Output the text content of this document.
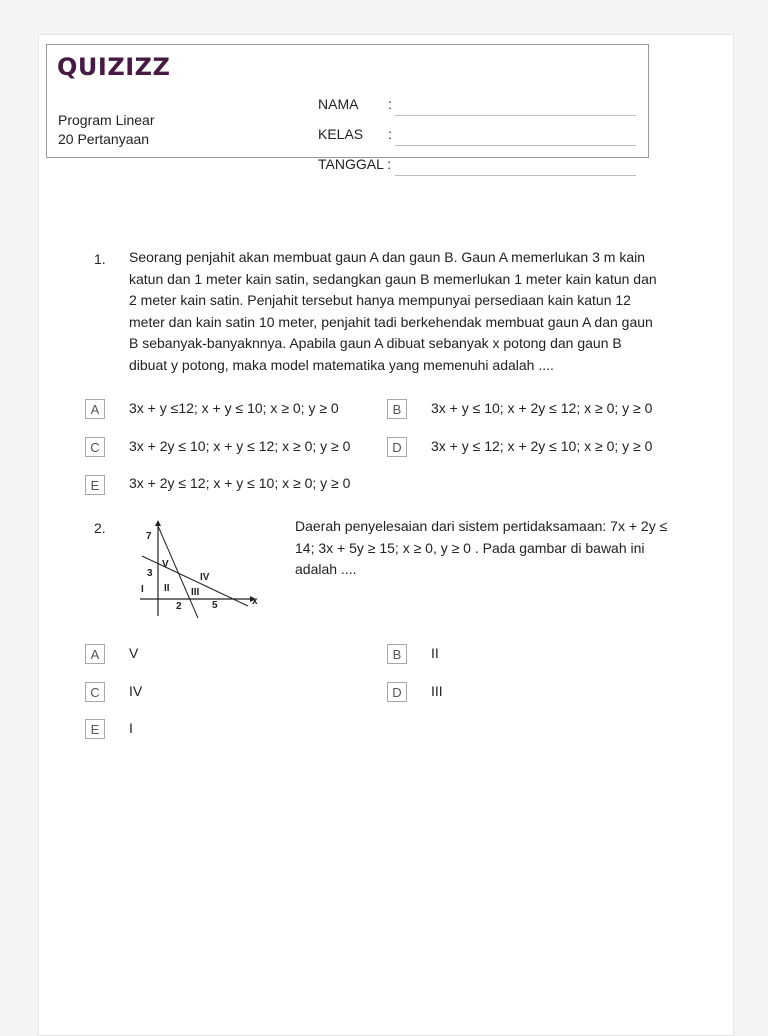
QUIZIZZ
Program Linear
20 Pertanyaan
NAMA :
KELAS :
TANGGAL :
1. Seorang penjahit akan membuat gaun A dan gaun B. Gaun A memerlukan 3 m kain
katun dan 1 meter kain satin, sedangkan gaun B memerlukan 1 meter kain katun dan
2 meter kain satin. Penjahit tersebut hanya mempunyai persediaan kain katun 12
meter dan kain satin 10 meter, penjahit tadi berkehendak membuat gaun A dan gaun
B sebanyak-banyaknnya. Apabila gaun A dibuat sebanyak x potong dan gaun B
dibuat y potong, maka model matematika yang memenuhi adalah ....
A	3x + y ≤12; x + y ≤ 10; x ≥ 0; y ≥ 0	B	3x + y ≤ 10; x + 2y ≤ 12; x ≥ 0; y ≥ 0
C	3x + 2y ≤ 10; x + y ≤ 12; x ≥ 0; y ≥ 0	D	3x + y ≤ 12; x + 2y ≤ 10; x ≥ 0; y ≥ 0
E	3x + 2y ≤ 12; x + y ≤ 10; x ≥ 0; y ≥ 0
2.
7
3
2	5	x
I II III
IV
V
Daerah penyelesaian dari sistem pertidaksamaan: 7x + 2y ≤
14; 3x + 5y ≥ 15; x ≥ 0, y ≥ 0 . Pada gambar di bawah ini
adalah ....
A	V	B	II
C	IV	D	III
E	I
